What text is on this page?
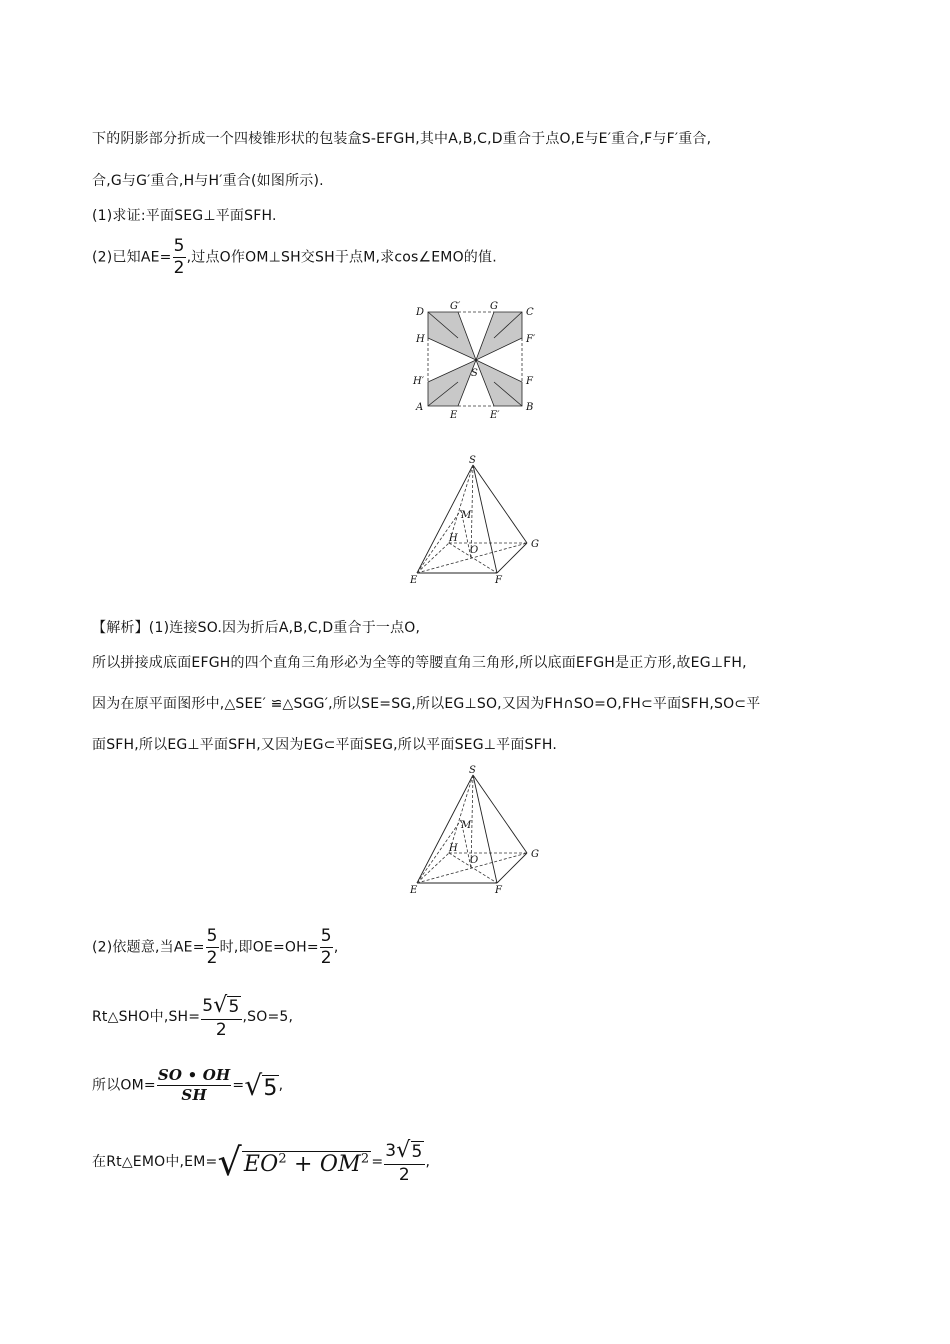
下的阴影部分折成一个四棱锥形状的包装盒S-EFGH,其中A,B,C,D重合于点O,E与E′重合,F与F′重合,
合,G与G′重合,H与H′重合(如图所示).
(1)求证:平面SEG⊥平面SFH.
(2)已知$AE= \frac{5}{2}$ ,过点O作OM⊥SH交SH于点M,求cos∠EMO的值.
D
G′	G
C
H	F′
S
H′	F
A
E	E′
B
S
M
H
O
G
E	F
【解析】(1)连接SO.因为折后A,B,C,D重合于一点O,
所以拼接成底面EFGH的四个直角三角形必为全等的等腰直角三角形,所以底面EFGH是正方形,故EG⊥FH,
因为在原平面图形中,△SEE′ ≌△SGG′,所以SE=SG,所以EG⊥SO,又因为FH∩SO=O,FH⊂平面SFH,SO⊂平
面SFH,所以EG⊥平面SFH,又因为EG⊂平面SEG,所以平面SEG⊥平面SFH.
S
M
H
O
G
E	F
(2)依题意,当$AE= \frac{5}{2}$ 时,即$OE=OH= \frac{5}{2}$ ,
Rt△SHO中$,SH= \frac{5√5}{2} ,SO=5$,
所以$OM= \frac{SO • OH}{SH} =√5$,
在Rt△EMO中$,EM=√EO^2 + OM^2 = \frac{3√5}{2}$ ,
